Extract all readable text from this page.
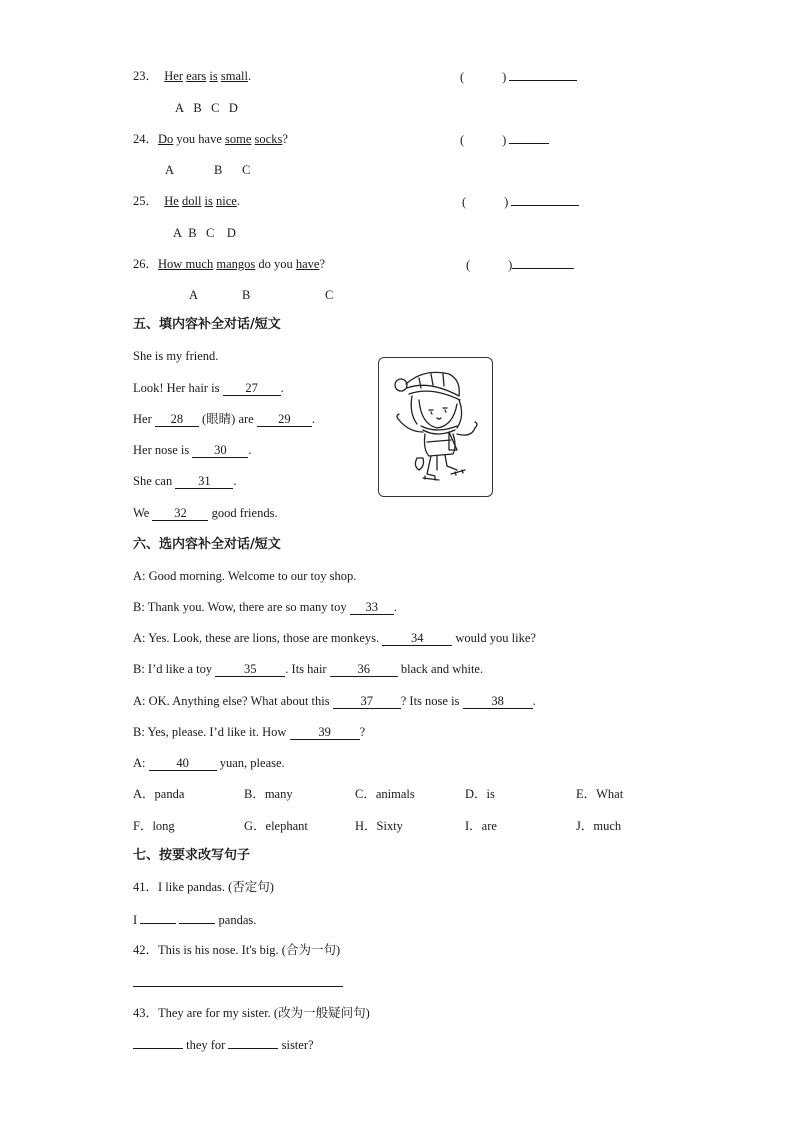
23． Her ears is small.	(	)
A B C D
24．Do you have some socks?	(	)
A	B C
25． He doll is nice.	(	)
A B C D
26．How much mangos do you have?	(	)
A	B	C
五、填内容补全对话/短文
She is my friend.
Look! Her hair is 27 .
Her 28 (眼睛) are 29 .
Her nose is 30 .
She can 31 .
We 32 good friends.
六、选内容补全对话/短文
A: Good morning. Welcome to our toy shop.
B: Thank you. Wow, there are so many toy 33 .
A: Yes. Look, these are lions, those are monkeys.	34	would you like?
B: I’d like a toy	35 . Its hair 36 black and white.
A: OK. Anything else? What about this 37 ? Its nose is	38 .
B: Yes, please. I’d like it. How	39 ?
A: 40 yuan, please.
A．panda	B．many	C．animals	D．is	E．What
F．long	G．elephant	H．Sixty	I．are	J．much
七、按要求改写句子
41．I like pandas. (否定句)
I	pandas.
42．This is his nose. It's big. (合为一句)
43．They are for my sister. (改为一般疑问句)
they for	sister?
